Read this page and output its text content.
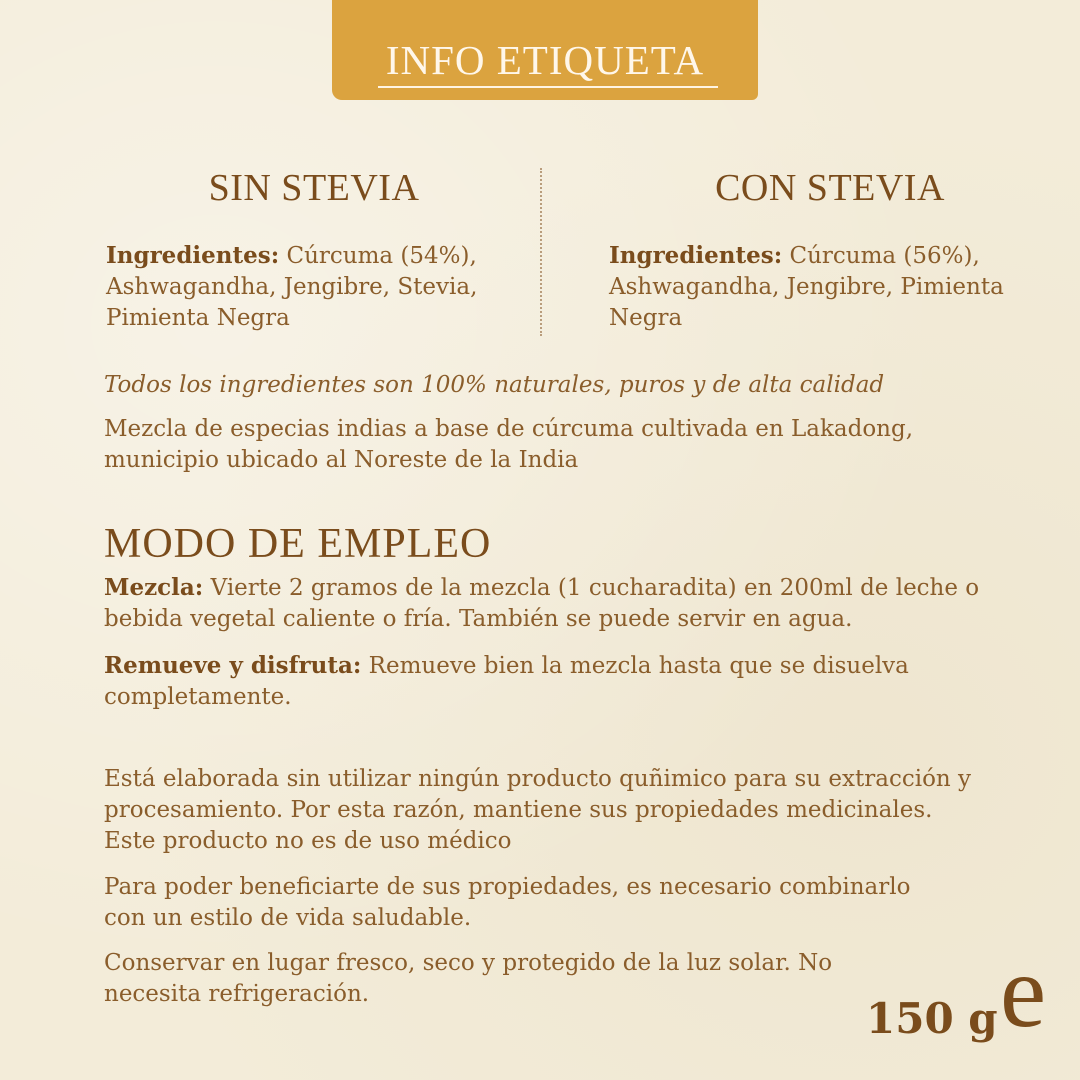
INFO ETIQUETA
SIN STEVIA	CON STEVIA
Ingredientes: Cúrcuma (54%),
Ashwagandha, Jengibre, Stevia,
Pimienta Negra
Ingredientes: Cúrcuma (56%),
Ashwagandha, Jengibre, Pimienta
Negra
Todos los ingredientes son 100% naturales, puros y de alta calidad
Mezcla de especias indias a base de cúrcuma cultivada en Lakadong,
municipio ubicado al Noreste de la India
MODO DE EMPLEO
Mezcla: Vierte 2 gramos de la mezcla (1 cucharadita) en 200ml de leche o
bebida vegetal caliente o fría. También se puede servir en agua.
Remueve y disfruta: Remueve bien la mezcla hasta que se disuelva
completamente.
Está elaborada sin utilizar ningún producto quñimico para su extracción y
procesamiento. Por esta razón, mantiene sus propiedades medicinales.
Este producto no es de uso médico
Para poder beneficiarte de sus propiedades, es necesario combinarlo
con un estilo de vida saludable.
Conservar en lugar fresco, seco y protegido de la luz solar. No
necesita refrigeración.	150 g e
